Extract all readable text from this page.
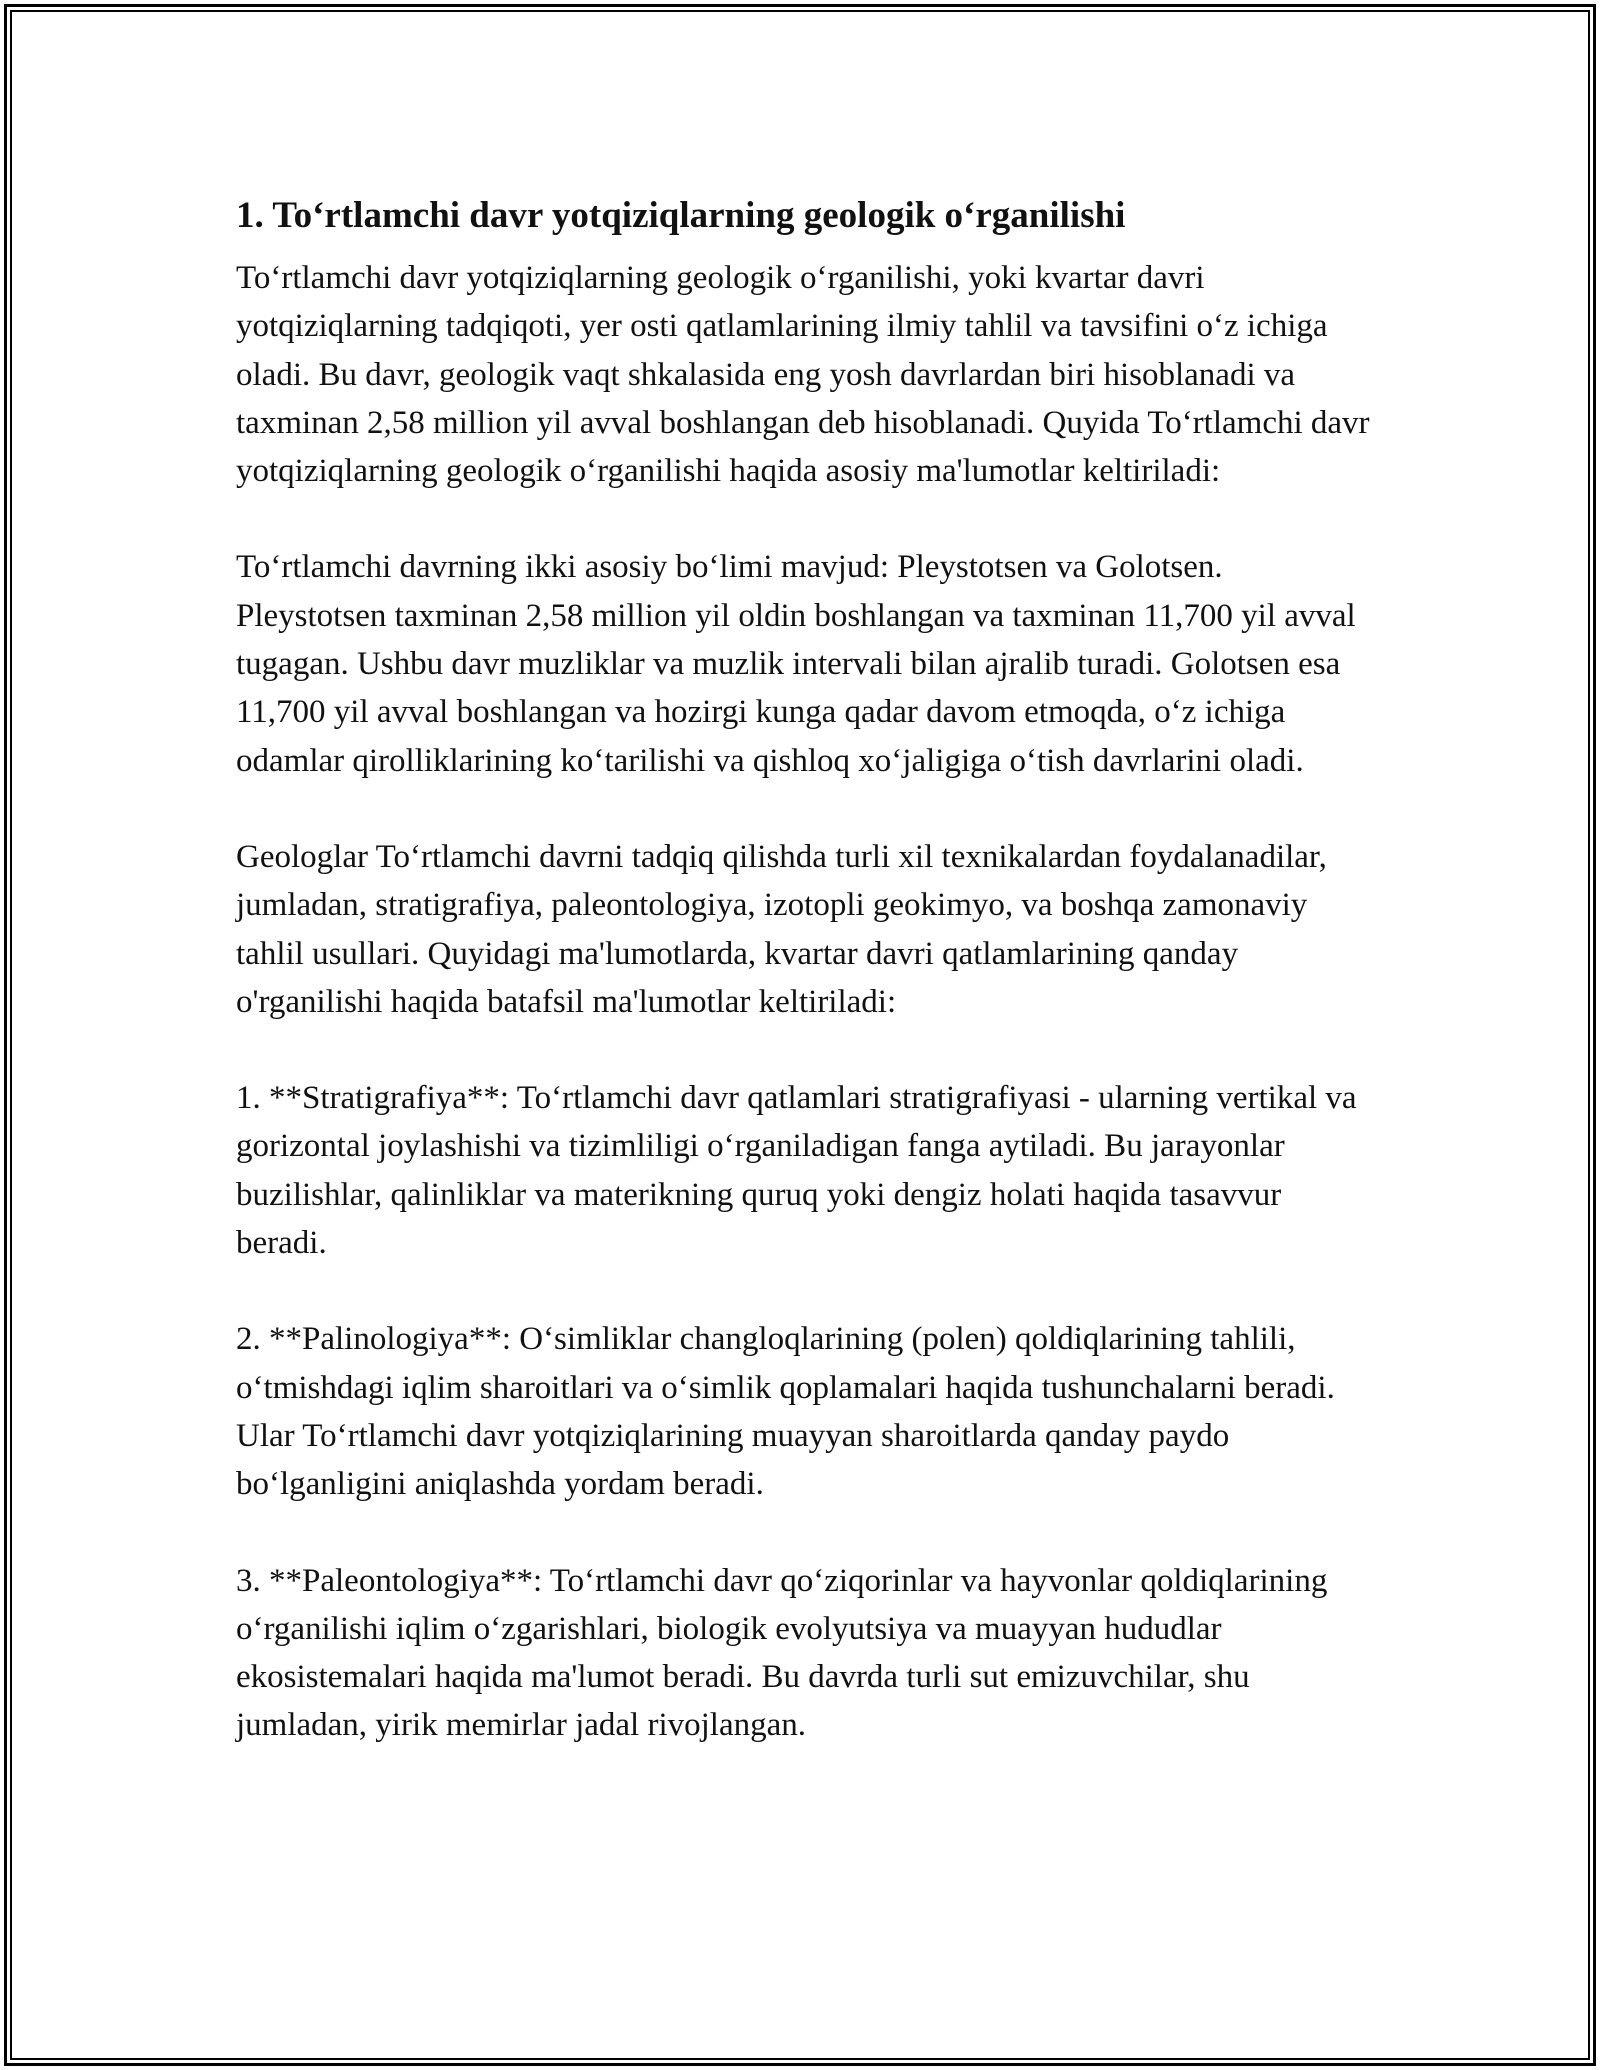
1. To‘rtlamchi davr yotqiziqlarning geologik o‘rganilishi

To‘rtlamchi davr yotqiziqlarning geologik o‘rganilishi, yoki kvartar davri yotqiziqlarning tadqiqoti, yer osti qatlamlarining ilmiy tahlil va tavsifini o‘z ichiga oladi. Bu davr, geologik vaqt shkalasida eng yosh davrlardan biri hisoblanadi va taxminan 2,58 million yil avval boshlangan deb hisoblanadi. Quyida To‘rtlamchi davr yotqiziqlarning geologik o‘rganilishi haqida asosiy ma'lumotlar keltiriladi:

To‘rtlamchi davrning ikki asosiy bo‘limi mavjud: Pleystotsen va Golotsen. Pleystotsen taxminan 2,58 million yil oldin boshlangan va taxminan 11,700 yil avval tugagan. Ushbu davr muzliklar va muzlik intervali bilan ajralib turadi. Golotsen esa 11,700 yil avval boshlangan va hozirgi kunga qadar davom etmoqda, o‘z ichiga odamlar qirolliklarining ko‘tarilishi va qishloq xo‘jaligiga o‘tish davrlarini oladi.

Geologlar To‘rtlamchi davrni tadqiq qilishda turli xil texnikalardan foydalanadilar, jumladan, stratigrafiya, paleontologiya, izotopli geokimyo, va boshqa zamonaviy tahlil usullari. Quyidagi ma'lumotlarda, kvartar davri qatlamlarining qanday o'rganilishi haqida batafsil ma'lumotlar keltiriladi:

1. **Stratigrafiya**: To‘rtlamchi davr qatlamlari stratigrafiyasi - ularning vertikal va gorizontal joylashishi va tizimliligi o‘rganiladigan fanga aytiladi. Bu jarayonlar buzilishlar, qalinliklar va materikning quruq yoki dengiz holati haqida tasavvur beradi.

2. **Palinologiya**: O‘simliklar changloqlarining (polen) qoldiqlarining tahlili, o‘tmishdagi iqlim sharoitlari va o‘simlik qoplamalari haqida tushunchalarni beradi. Ular To‘rtlamchi davr yotqiziqlarining muayyan sharoitlarda qanday paydo bo‘lganligini aniqlashda yordam beradi.

3. **Paleontologiya**: To‘rtlamchi davr qo‘ziqorinlar va hayvonlar qoldiqlarining o‘rganilishi iqlim o‘zgarishlari, biologik evolyutsiya va muayyan hududlar ekosistemalari haqida ma'lumot beradi. Bu davrda turli sut emizuvchilar, shu jumladan, yirik memirlar jadal rivojlangan.
